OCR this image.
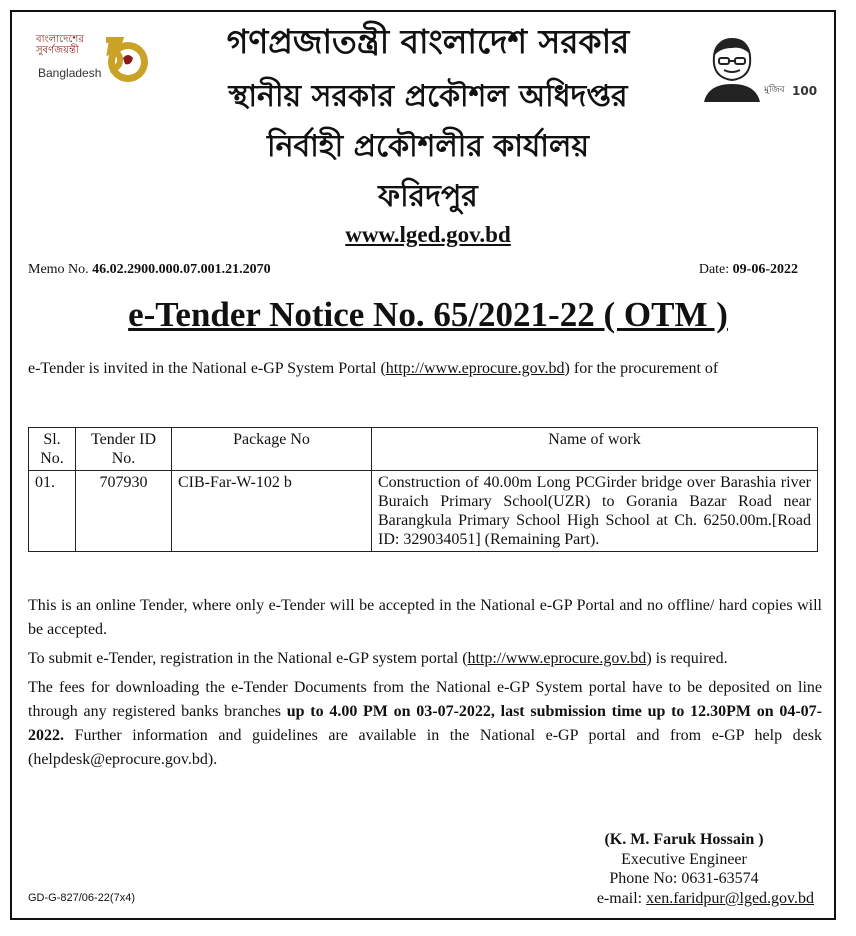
বাংলাদেশের সুবর্ণজয়ন্তী
Bangladesh
মুজিব 100
গণপ্রজাতন্ত্রী বাংলাদেশ সরকার
স্থানীয় সরকার প্রকৌশল অধিদপ্তর
নির্বাহী প্রকৌশলীর কার্যালয়
ফরিদপুর
www.lged.gov.bd
Memo No. 46.02.2900.000.07.001.21.2070	Date: 09-06-2022
e-Tender Notice No. 65/2021-22 ( OTM )
e-Tender is invited in the National e-GP System Portal (http://www.eprocure.gov.bd) for the procurement of
Sl. No.	Tender ID No.	Package No	Name of work
01.	707930	CIB-Far-W-102 b	Construction of 40.00m Long PCGirder bridge over Barashia river Buraich Primary School(UZR) to Gorania Bazar Road near Barangkula Primary School High School at Ch. 6250.00m.[Road ID: 329034051] (Remaining Part).

This is an online Tender, where only e-Tender will be accepted in the National e-GP Portal and no offline/ hard copies will be accepted.

To submit e-Tender, registration in the National e-GP system portal (http://www.eprocure.gov.bd) is required.

The fees for downloading the e-Tender Documents from the National e-GP System portal have to be deposited on line through any registered banks branches up to 4.00 PM on 03-07-2022, last submission time up to 12.30PM on 04-07-2022. Further information and guidelines are available in the National e-GP portal and from e-GP help desk (helpdesk@eprocure.gov.bd).

(K. M. Faruk Hossain )
Executive Engineer
Phone No: 0631-63574
e-mail: xen.faridpur@lged.gov.bd
GD-G-827/06-22(7x4)
